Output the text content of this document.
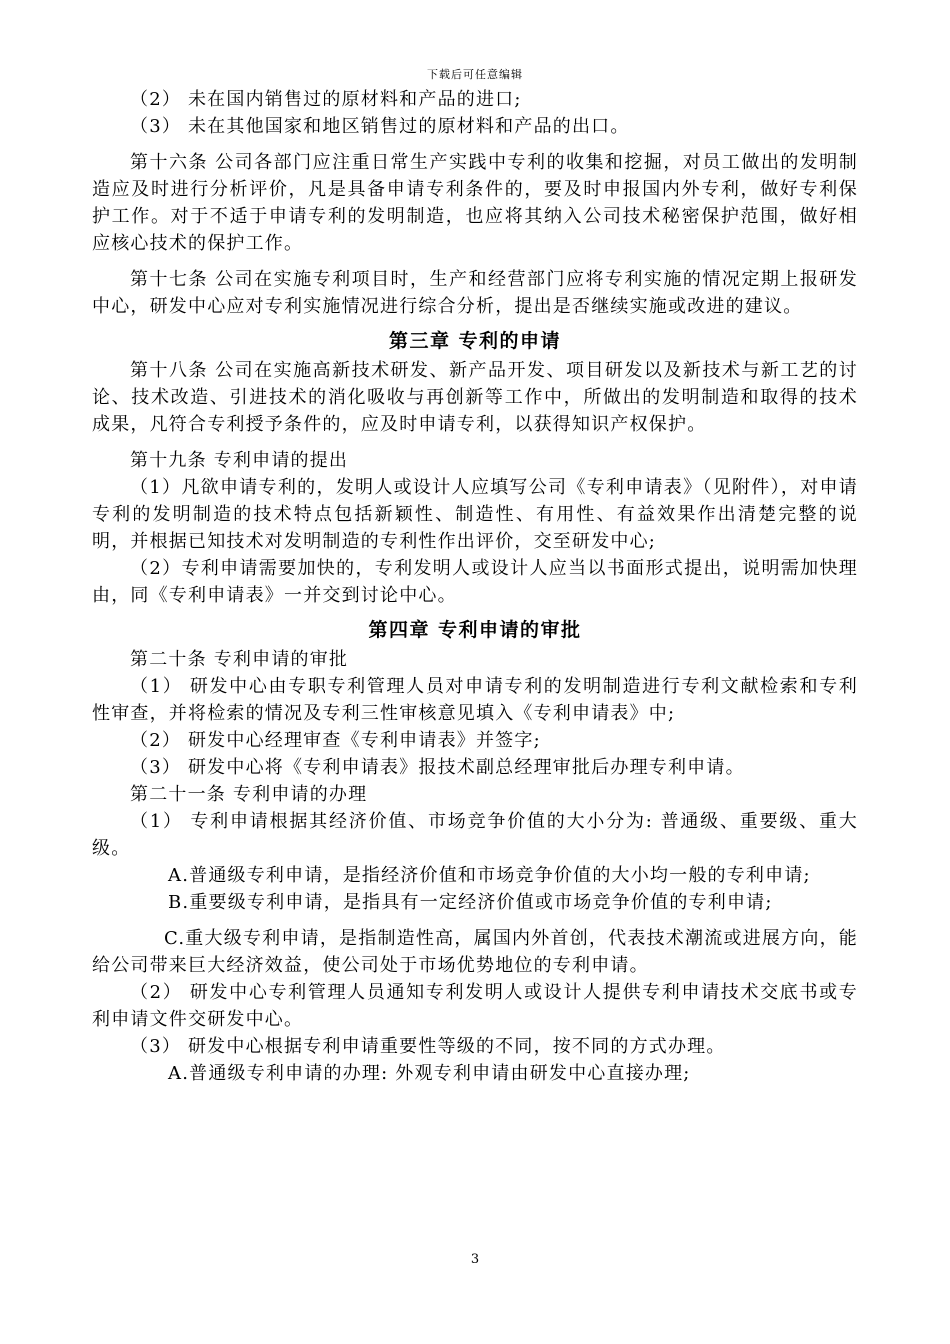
下载后可任意编辑

（2） 未在国内销售过的原材料和产品的进口;

（3） 未在其他国家和地区销售过的原材料和产品的出口。

第十六条 公司各部门应注重日常生产实践中专利的收集和挖掘，对员工做出的发明制造应及时进行分析评价，凡是具备申请专利条件的，要及时申报国内外专利，做好专利保护工作。对于不适于申请专利的发明制造，也应将其纳入公司技术秘密保护范围，做好相应核心技术的保护工作。

第十七条 公司在实施专利项目时，生产和经营部门应将专利实施的情况定期上报研发中心，研发中心应对专利实施情况进行综合分析，提出是否继续实施或改进的建议。

第三章 专利的申请

第十八条 公司在实施高新技术研发、新产品开发、项目研发以及新技术与新工艺的讨论、技术改造、引进技术的消化吸收与再创新等工作中，所做出的发明制造和取得的技术成果，凡符合专利授予条件的，应及时申请专利，以获得知识产权保护。

第十九条 专利申请的提出

（1）凡欲申请专利的，发明人或设计人应填写公司《专利申请表》（见附件），对申请专利的发明制造的技术特点包括新颖性、制造性、有用性、有益效果作出清楚完整的说明，并根据已知技术对发明制造的专利性作出评价，交至研发中心;

（2）专利申请需要加快的，专利发明人或设计人应当以书面形式提出，说明需加快理由，同《专利申请表》一并交到讨论中心。

第四章 专利申请的审批

第二十条 专利申请的审批

（1） 研发中心由专职专利管理人员对申请专利的发明制造进行专利文献检索和专利性审查，并将检索的情况及专利三性审核意见填入《专利申请表》中;

（2） 研发中心经理审查《专利申请表》并签字;

（3） 研发中心将《专利申请表》报技术副总经理审批后办理专利申请。

第二十一条 专利申请的办理

（1） 专利申请根据其经济价值、市场竞争价值的大小分为: 普通级、重要级、重大级。

A.普通级专利申请，是指经济价值和市场竞争价值的大小均一般的专利申请;

B.重要级专利申请，是指具有一定经济价值或市场竞争价值的专利申请;

C.重大级专利申请，是指制造性高，属国内外首创，代表技术潮流或进展方向，能给公司带来巨大经济效益，使公司处于市场优势地位的专利申请。

（2） 研发中心专利管理人员通知专利发明人或设计人提供专利申请技术交底书或专利申请文件交研发中心。

（3） 研发中心根据专利申请重要性等级的不同，按不同的方式办理。

A.普通级专利申请的办理: 外观专利申请由研发中心直接办理;

3
